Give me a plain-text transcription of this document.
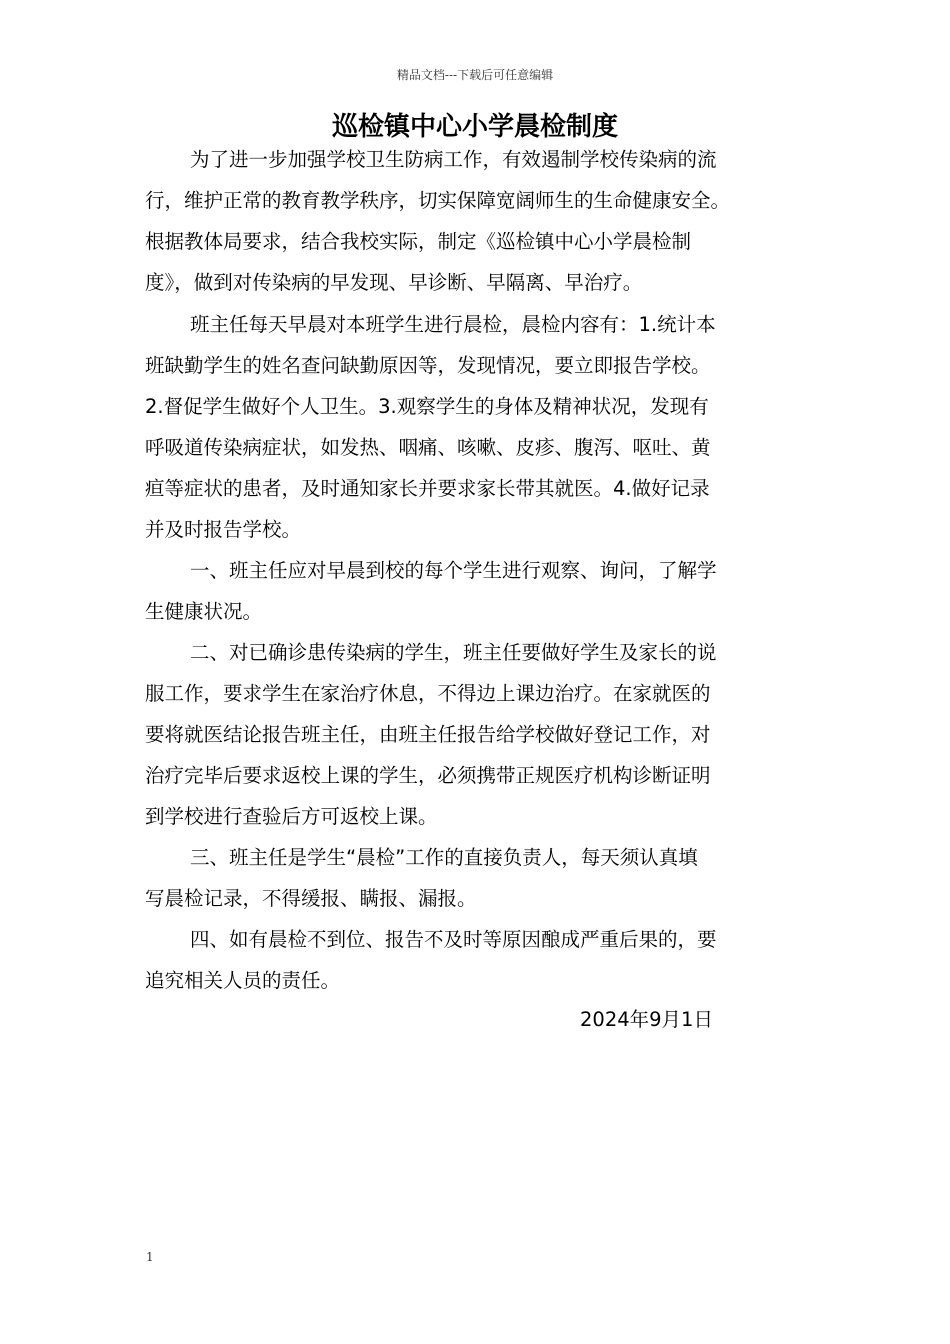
精品文档---下载后可任意编辑
巡检镇中心小学晨检制度
为了进一步加强学校卫生防病工作，有效遏制学校传染病的流
行，维护正常的教育教学秩序，切实保障宽阔师生的生命健康安全。
根据教体局要求，结合我校实际，制定《巡检镇中心小学晨检制
度》，做到对传染病的早发现、早诊断、早隔离、早治疗。
班主任每天早晨对本班学生进行晨检，晨检内容有：1.统计本
班缺勤学生的姓名查问缺勤原因等，发现情况，要立即报告学校。
2.督促学生做好个人卫生。3.观察学生的身体及精神状况，发现有
呼吸道传染病症状，如发热、咽痛、咳嗽、皮疹、腹泻、呕吐、黄
疸等症状的患者，及时通知家长并要求家长带其就医。4.做好记录
并及时报告学校。
一、班主任应对早晨到校的每个学生进行观察、询问，了解学
生健康状况。
二、对已确诊患传染病的学生，班主任要做好学生及家长的说
服工作，要求学生在家治疗休息，不得边上课边治疗。在家就医的
要将就医结论报告班主任，由班主任报告给学校做好登记工作，对
治疗完毕后要求返校上课的学生，必须携带正规医疗机构诊断证明
到学校进行查验后方可返校上课。
三、班主任是学生“晨检”工作的直接负责人，每天须认真填
写晨检记录，不得缓报、瞒报、漏报。
四、如有晨检不到位、报告不及时等原因酿成严重后果的，要
追究相关人员的责任。
2024年9月1日
1
